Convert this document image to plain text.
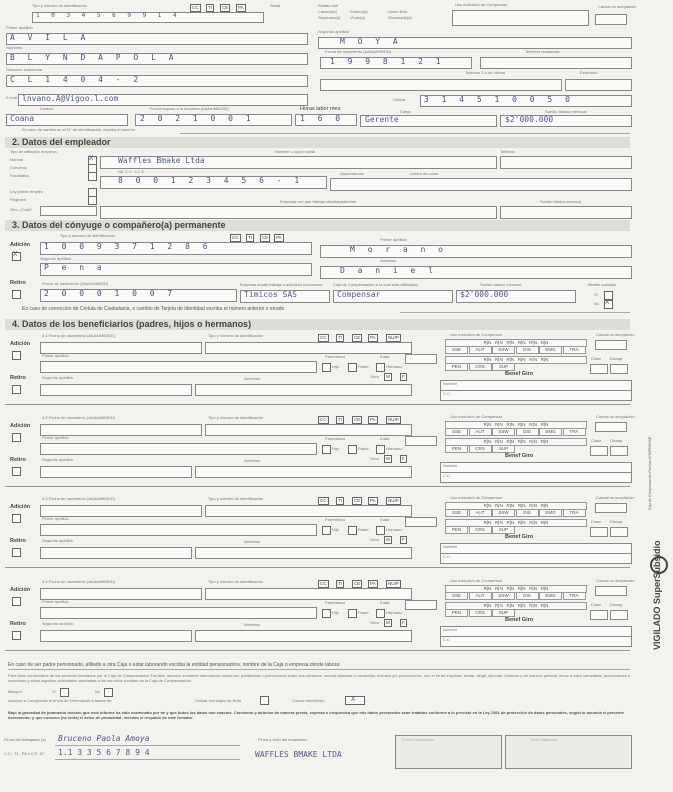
Tipo y número de identificación	CC	TI	CE	PA	Serial
1 0 3 4 5 6 9 9 1 4
Estado civil
Casado(a)	Soltero(a)	Unión libre
Separado(a) Viudo(a)	Divorciado(a)
Uso exclusivo de Compensar	Causal no aceptación
Primer apellido
A V I L A
Segundo apellido
M O Y A
Nombres
B L Y N D A P O L A
Fecha de nacimiento (AAAA/MM/DD)
1 9 9 8 1 2 1
Teléfono residencia
Dirección residencia
C L 1 4 0 4 - 2
Teléfono 2 o de oficina	Extensión
E-mail lnvano.A@Vigoo.l.com	Celular 3 1 4 5 1 0 0 5 0
Ciudad
Coana
Fecha ingreso a la empresa (AAAA/MM/DD)
2 0 2 1 0 0 1
Horas labor mes
1 6 0
Cargo
Gerente
Sueldo básico mensual
$2'000.000
En caso de cambio en el N° de identificación, escriba el anterior
2. Datos del empleador
Tipo de afiliación empresa
Normal	X
Convenio
Facultativo
Ley primer empleo
Régimen
Otro ¿Cuál?
Nombre o razón social
Waffles Bmake Ltda
Teléfono
Nit, C.C. o C.E.
8 0 0 1 2 3 4 5 6 - 1
Dependencia	Centro de costo
Empresa con que trabaja simultáneamente	Sueldo básico mensual
3. Datos del cónyuge o compañero(a) permanente
Tipo y número de identificación	CC	TI	CE	PA
Adición
X
1 0 0 9 3 7 1 2 8 6
Primer apellido
M o r a n o
Segundo apellido
P e n a
Nombres
D a n i e l
Retiro	Fecha de nacimiento (AAAA/MM/DD)
2 0 0 0 1 0 0 7
Empresa donde trabaja o actividad económica
Timicos SAS
Caja de Compensación a la cual está afiliado(a)
Compensar
Sueldo básico mensual
$2'000.000
Recibe subsidio
Sí
No X
En caso de corrección de Cédula de Ciudadanía, o cambio de Tarjeta de Identidad escriba el número anterior o errado
4. Datos de los beneficiarios (padres, hijos o hermanos)
4.1 Fecha de nacimiento (AAAA/MM/DD)	Tipo y número de identificación	CC	TI	CE	PA	NUIP
Adición
Primer apellido	Parentesco	Edad
Hijo	Padre	Hermano
Retiro	Segundo apellido	Nombres	Sexo	M	F
Uso exclusivo de Compensar	Causal no aceptación
R|N   R|N   R|N   R|N   R|N   R|N
SSE	AUT	SSW	DIS	EMG	TRA
R|N   R|N   R|N   R|N   R|N   R|N	Clase Discap
PEN	CRS	SUP
Benef Giro
Nombre
C.C.
4.2 Fecha de nacimiento (AAAA/MM/DD)	Tipo y número de identificación	CC	TI	CE	PA	NUIP
Adición
Primer apellido	Parentesco	Edad
Hijo	Padre	Hermano
Retiro	Segundo apellido	Nombres	Sexo	M	F
Uso exclusivo de Compensar	Causal no aceptación
R|N   R|N   R|N   R|N   R|N   R|N
SSE	AUT	SSW	DIS	EMG	TRA
R|N   R|N   R|N   R|N   R|N   R|N	Clase Discap
PEN	CRS	SUP
Benef Giro
Nombre
C.C.
4.3 Fecha de nacimiento (AAAA/MM/DD)	Tipo y número de identificación	CC	TI	CE	PA	NUIP
Adición
Primer apellido	Parentesco	Edad
Hijo	Padre	Hermano
Retiro	Segundo apellido	Nombres	Sexo	M	F
Uso exclusivo de Compensar	Causal no aceptación
R|N   R|N   R|N   R|N   R|N   R|N
SSE	AUT	SSW	DIS	EMG	TRA
R|N   R|N   R|N   R|N   R|N   R|N	Clase Discap
PEN	CRS	SUP
Benef Giro
Nombre
C.C.
4.4 Fecha de nacimiento (AAAA/MM/DD)	Tipo y número de identificación	CC	TI	CE	PA	NUIP
Adición
Primer apellido	Parentesco	Edad
Hijo	Padre	Hermano
Retiro	Segundo apellido	Nombres	Sexo	M	F
Uso exclusivo de Compensar	Causal no aceptación
R|N   R|N   R|N   R|N   R|N   R|N
SSE	AUT	SSW	DIS	EMG	TRA
R|N   R|N   R|N   R|N   R|N   R|N	Clase Discap
PEN	CRS	SUP
Benef Giro
Nombre
C.C.
En caso de ser padre pensionado, afiliado a otra Caja o estar laborando escriba la entidad pensionadora, nombre de la Caja o empresa donde labora:
Para fines comerciales de los servicios brindados por la Caja de Compensación Familiar, autorizo enviarme información comercial, publicitaria o promocional sobre sus servicios, nuevas alianzas o convenios, eventos y/o promociones, con el fin de impulsar, invitar, dirigir, ejecutar, informar y de manera general, llevar a cabo campañas, promociones o concursos y todas aquellas actividades asociadas a los servicios sociales de la Caja de Compensación.
Marque:	Sí	No
Autorizo a Compensar el envío de información a través de:	Celular mensajes de texto	Correo electrónico	X
Bajo la gravedad de juramento declaro que este informe ha sido examinado por mí y que todos los datos son exactos. Consiento y autorizo de manera previa, expresa e inequívoca que mis datos personales sean tratados conforme a lo previsto en la Ley 1581 de protección de datos personales, según lo anuncia el presente documento; y que conozco (he leído) el aviso de privacidad, incluido el respaldo de este formato.
Firma del trabajador (a) Bruceno Paola Amoya	Firma y sello del empleador
WAFFLES BMAKE LTDA
Fecha Radicación	Sello Digitación
C.C., T.I., PA ó C.E. N° 1.1 3 3 5 6 7 8 9 4
VIGILADO SuperSubsidio
Caja de Compensación Familiar COMPENSAR
